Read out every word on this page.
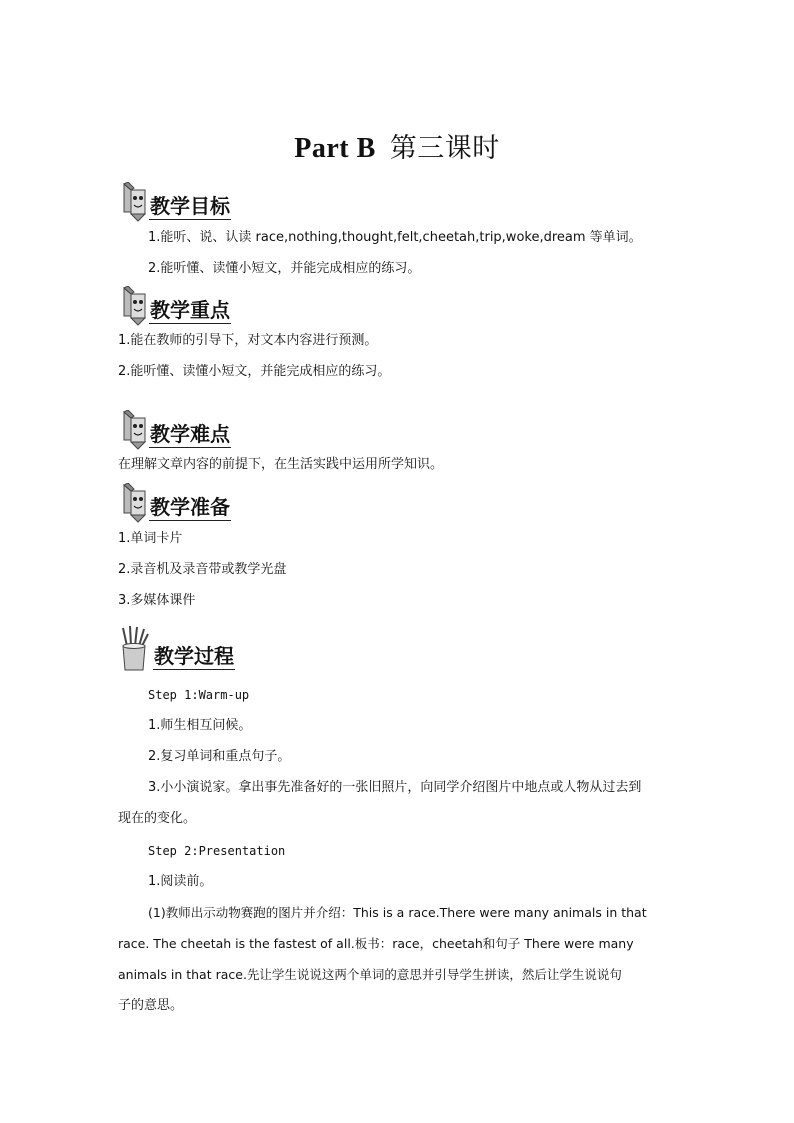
Part B 第三课时
教学目标
1.能听、说、认读 race,nothing,thought,felt,cheetah,trip,woke,dream 等单词。
2.能听懂、读懂小短文，并能完成相应的练习。
教学重点
1.能在教师的引导下，对文本内容进行预测。
2.能听懂、读懂小短文，并能完成相应的练习。
教学难点
在理解文章内容的前提下，在生活实践中运用所学知识。
教学准备
1.单词卡片
2.录音机及录音带或教学光盘
3.多媒体课件
教学过程
Step 1:Warm-up
1.师生相互问候。
2.复习单词和重点句子。
3.小小演说家。拿出事先准备好的一张旧照片，向同学介绍图片中地点或人物从过去到
现在的变化。
Step 2:Presentation
1.阅读前。
(1)教师出示动物赛跑的图片并介绍：This is a race.There were many animals in that
race. The cheetah is the fastest of all.板书：race，cheetah和句子 There were many
animals in that race.先让学生说说这两个单词的意思并引导学生拼读，然后让学生说说句
子的意思。
